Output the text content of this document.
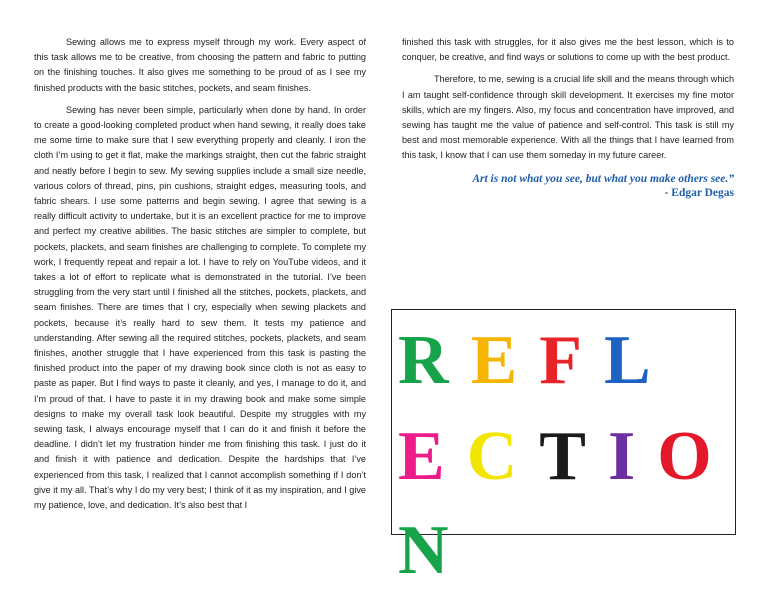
Sewing allows me to express myself through my work. Every aspect of this task allows me to be creative, from choosing the pattern and fabric to putting on the finishing touches. It also gives me something to be proud of as I see my finished products with the basic stitches, pockets, and seam finishes.

Sewing has never been simple, particularly when done by hand. In order to create a good-looking completed product when hand sewing, it really does take me some time to make sure that I sew everything properly and cleanly. I iron the cloth I’m using to get it flat, make the markings straight, then cut the fabric straight and neatly before I begin to sew. My sewing supplies include a small size needle, various colors of thread, pins, pin cushions, straight edges, measuring tools, and fabric shears. I use some patterns and begin sewing. I agree that sewing is a really difficult activity to undertake, but it is an excellent practice for me to improve and perfect my creative abilities. The basic stitches are simpler to complete, but pockets, plackets, and seam finishes are challenging to complete. To complete my work, I frequently repeat and repair a lot. I have to rely on YouTube videos, and it takes a lot of effort to replicate what is demonstrated in the tutorial. I’ve been struggling from the very start until I finished all the stitches, pockets, plackets, and seam finishes. There are times that I cry, especially when sewing plackets and pockets, because it’s really hard to sew them. It tests my patience and understanding. After sewing all the required stitches, pockets, plackets, and seam finishes, another struggle that I have experienced from this task is pasting the finished product into the paper of my drawing book since cloth is not as easy to paste as paper. But I find ways to paste it cleanly, and yes, I manage to do it, and I’m proud of that. I have to paste it in my drawing book and make some simple designs to make my overall task look beautiful. Despite my struggles with my sewing task, I always encourage myself that I can do it and finish it before the deadline. I didn’t let my frustration hinder me from finishing this task. I just do it and finish it with patience and dedication. Despite the hardships that I’ve experienced from this task, I realized that I cannot accomplish something if I don’t give it my all. That’s why I do my very best; I think of it as my inspiration, and I give my patience, love, and dedication. It’s also best that I

finished this task with struggles, for it also gives me the best lesson, which is to conquer, be creative, and find ways or solutions to come up with the best product.

Therefore, to me, sewing is a crucial life skill and the means through which I am taught self-confidence through skill development. It exercises my fine motor skills, which are my fingers. Also, my focus and concentration have improved, and sewing has taught me the value of patience and self-control. This task is still my best and most memorable experience. With all the things that I have learned from this task, I know that I can use them someday in my future career.

Art is not what you see, but what you make others see.”
- Edgar Degas
R E F L
E C T I O
N
